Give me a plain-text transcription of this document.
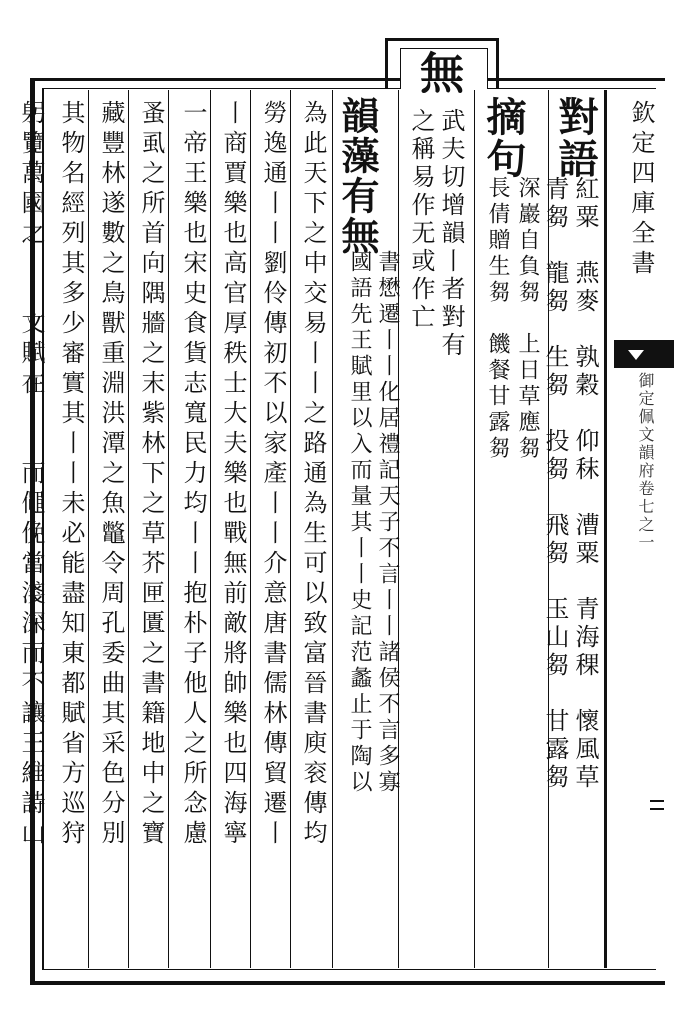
無
欽定四庫全書
御定佩文韻府卷七之一
對語
紅粟　燕麥　孰穀　仰秣　漕粟　青海稞　懷風草
青芻　龍芻　生芻　投芻　飛芻　玉山芻　甘露芻
摘句
深巖自負芻　上日草應芻
長倩贈生芻　饑餐甘露芻
武夫切增韻丨者對有
之稱易作无或作亡
韻藻有無
書懋遷丨丨化居禮記天子不言丨丨諸侯不言多寡
國語先王賦里以入而量其丨丨史記范蠡止于陶以
為此天下之中交易丨丨之路通為生可以致富晉書庾衮傳均
勞逸通丨丨劉伶傳初不以家產丨丨介意唐書儒林傳貿遷丨
丨商賈樂也高官厚秩士大夫樂也戰無前敵將帥樂也四海寧
一帝王樂也宋史食貨志寬民力均丨丨抱朴子他人之所念慮
蚤虱之所首向隅牆之末紫林下之草芥匣匱之書籍地中之寶
藏豐林遂數之鳥獸重淵洪潭之魚鼈令周孔委曲其采色分別
其物名經列其多少審實其丨丨未必能盡知東都賦省方巡狩
躬覽萬國之丨丨文賦在丨丨而僶俛當淺深而不讓王維詩山
